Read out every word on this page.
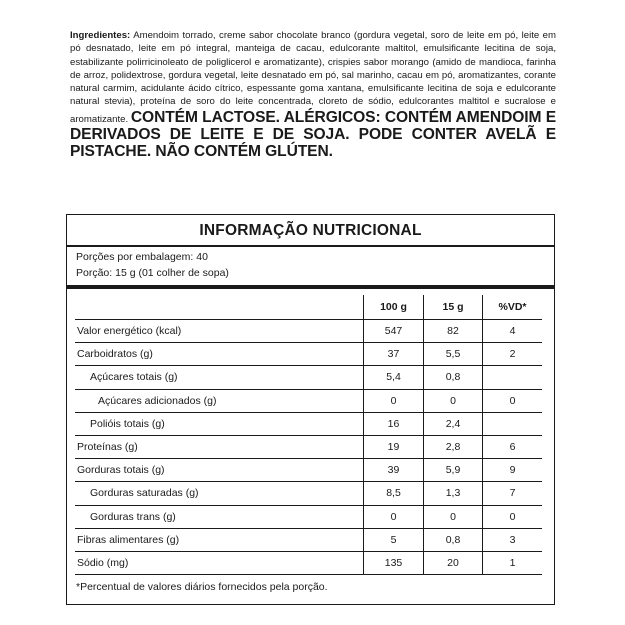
Ingredientes: Amendoim torrado, creme sabor chocolate branco (gordura vegetal, soro de leite em pó, leite em pó desnatado, leite em pó integral, manteiga de cacau, edulcorante maltitol, emulsificante lecitina de soja, estabilizante polirricinoleato de poliglicerol e aromatizante), crispies sabor morango (amido de mandioca, farinha de arroz, polidextrose, gordura vegetal, leite desnatado em pó, sal marinho, cacau em pó, aromatizantes, corante natural carmim, acidulante ácido cítrico, espessante goma xantana, emulsificante lecitina de soja e edulcorante natural stevia), proteína de soro do leite concentrada, cloreto de sódio, edulcorantes maltitol e sucralose e aromatizante. CONTÉM LACTOSE. ALÉRGICOS: CONTÉM AMENDOIM E DERIVADOS DE LEITE E DE SOJA. PODE CONTER AVELÃ E PISTACHE. NÃO CONTÉM GLÚTEN.
INFORMAÇÃO NUTRICIONAL
Porções por embalagem: 40
Porção: 15 g (01 colher de sopa)
	100 g	15 g	%VD*
Valor energético (kcal)	547	82	4
Carboidratos (g)	37	5,5	2
Açúcares totais (g)	5,4	0,8	
Açúcares adicionados (g)	0	0	0
Polióis totais (g)	16	2,4	
Proteínas (g)	19	2,8	6
Gorduras totais (g)	39	5,9	9
Gorduras saturadas (g)	8,5	1,3	7
Gorduras trans (g)	0	0	0
Fibras alimentares (g)	5	0,8	3
Sódio (mg)	135	20	1
*Percentual de valores diários fornecidos pela porção.
